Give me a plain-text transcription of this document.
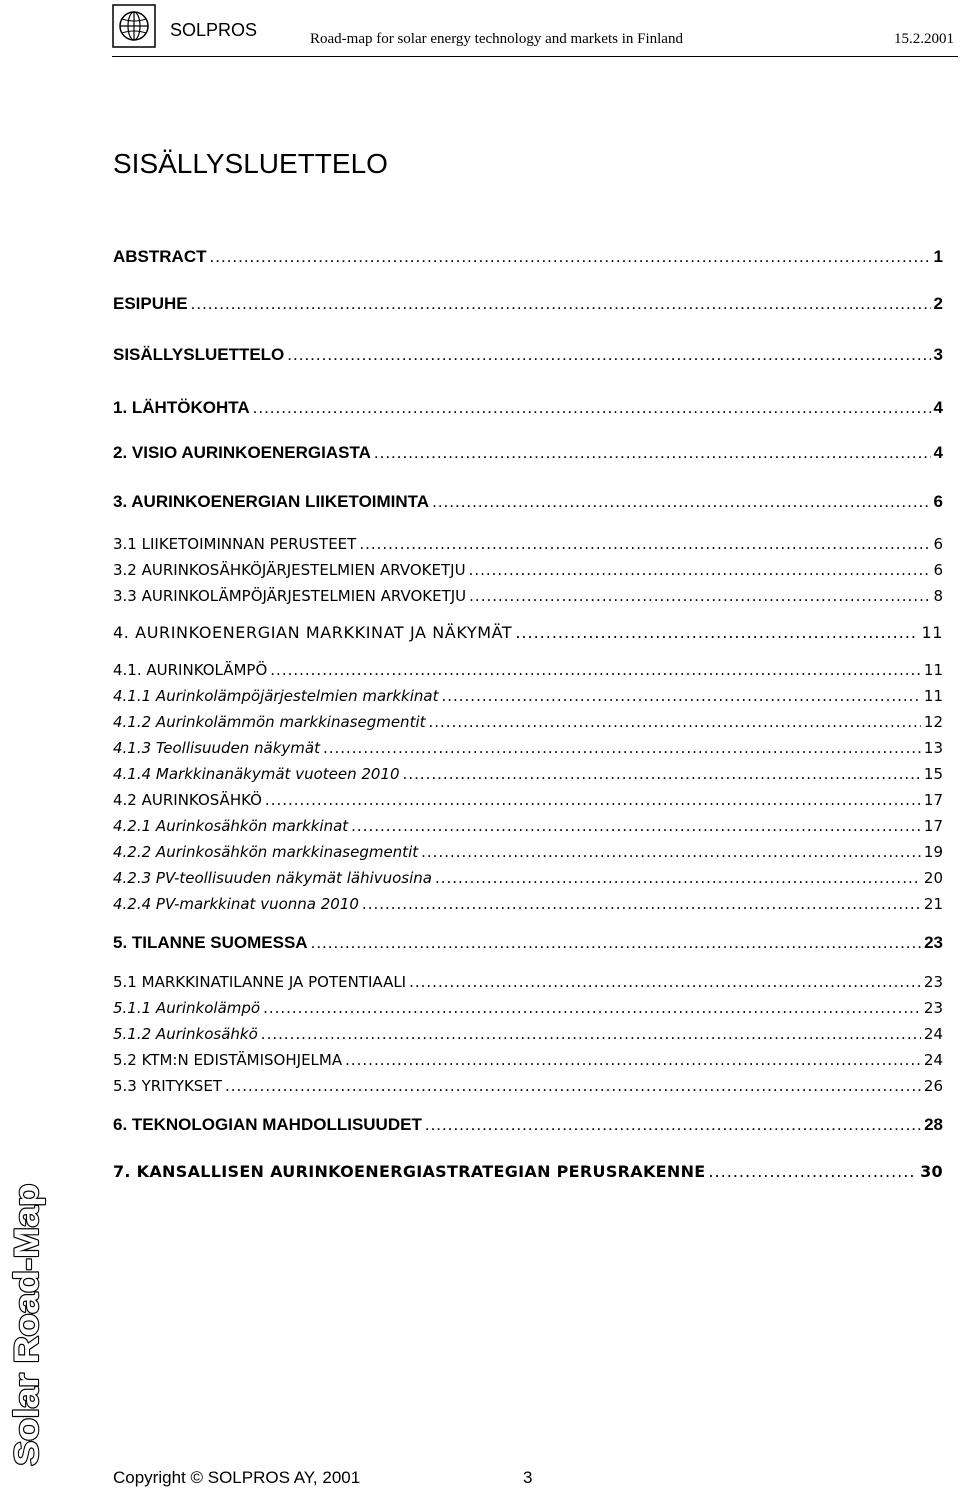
SOLPROS	Road-map for solar energy technology and markets in Finland	15.2.2001
SISÄLLYSLUETTELO
ABSTRACT .....	1
ESIPUHE .....	2
SISÄLLYSLUETTELO .....	3
1. LÄHTÖKOHTA .....	4
2. VISIO AURINKOENERGIASTA .....	4
3. AURINKOENERGIAN LIIKETOIMINTA .....	6
3.1 LIIKETOIMINNAN PERUSTEET .....	6
3.2 AURINKOSÄHKÖJÄRJESTELMIEN ARVOKETJU .....	6
3.3 AURINKOLÄMPÖJÄRJESTELMIEN ARVOKETJU .....	8
4. AURINKOENERGIAN MARKKINAT JA NÄKYMÄT .....	11
4.1. AURINKOLÄMPÖ .....	11
4.1.1 Aurinkolämpöjärjestelmien markkinat .....	11
4.1.2 Aurinkolämmön markkinasegmentit .....	12
4.1.3 Teollisuuden näkymät .....	13
4.1.4 Markkinanäkymät vuoteen 2010 .....	15
4.2 AURINKOSÄHKÖ .....	17
4.2.1 Aurinkosähkön markkinat .....	17
4.2.2 Aurinkosähkön markkinasegmentit .....	19
4.2.3 PV-teollisuuden näkymät lähivuosina .....	20
4.2.4 PV-markkinat vuonna 2010 .....	21
5. TILANNE SUOMESSA .....	23
5.1 MARKKINATILANNE JA POTENTIAALI .....	23
5.1.1 Aurinkolämpö .....	23
5.1.2 Aurinkosähkö .....	24
5.2 KTM:N EDISTÄMISOHJELMA .....	24
5.3 YRITYKSET .....	26
6. TEKNOLOGIAN MAHDOLLISUUDET .....	28
7. KANSALLISEN AURINKOENERGIASTRATEGIAN PERUSRAKENNE .....	30
Solar Road-Map
Copyright © SOLPROS AY, 2001	3
